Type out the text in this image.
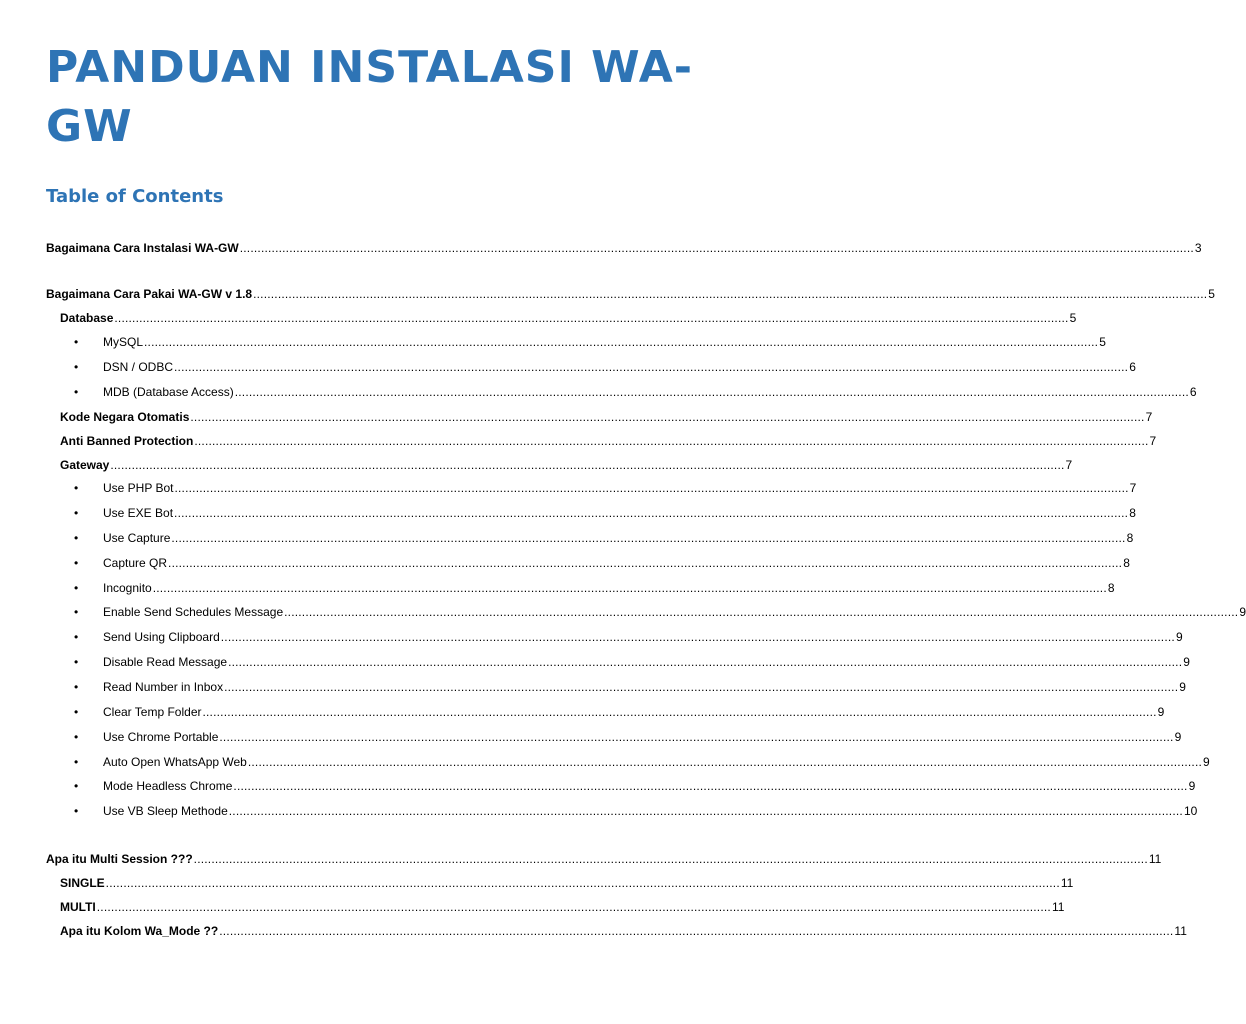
PANDUAN INSTALASI WA-GW
Table of Contents
Bagaimana Cara Instalasi WA-GW .....	3
Bagaimana Cara Pakai WA-GW v 1.8 .....	5
Database .....	5
• MySQL .....	5
• DSN / ODBC .....	6
• MDB (Database Access) .....	6
Kode Negara Otomatis .....	7
Anti Banned Protection .....	7
Gateway .....	7
• Use PHP Bot .....	7
• Use EXE Bot .....	8
• Use Capture .....	8
• Capture QR .....	8
• Incognito .....	8
• Enable Send Schedules Message .....	9
• Send Using Clipboard .....	9
• Disable Read Message .....	9
• Read Number in Inbox .....	9
• Clear Temp Folder .....	9
• Use Chrome Portable .....	9
• Auto Open WhatsApp Web .....	9
• Mode Headless Chrome .....	9
• Use VB Sleep Methode .....	10
Apa itu Multi Session ??? .....	11
SINGLE .....	11
MULTI .....	11
Apa itu Kolom Wa_Mode ?? .....	11
